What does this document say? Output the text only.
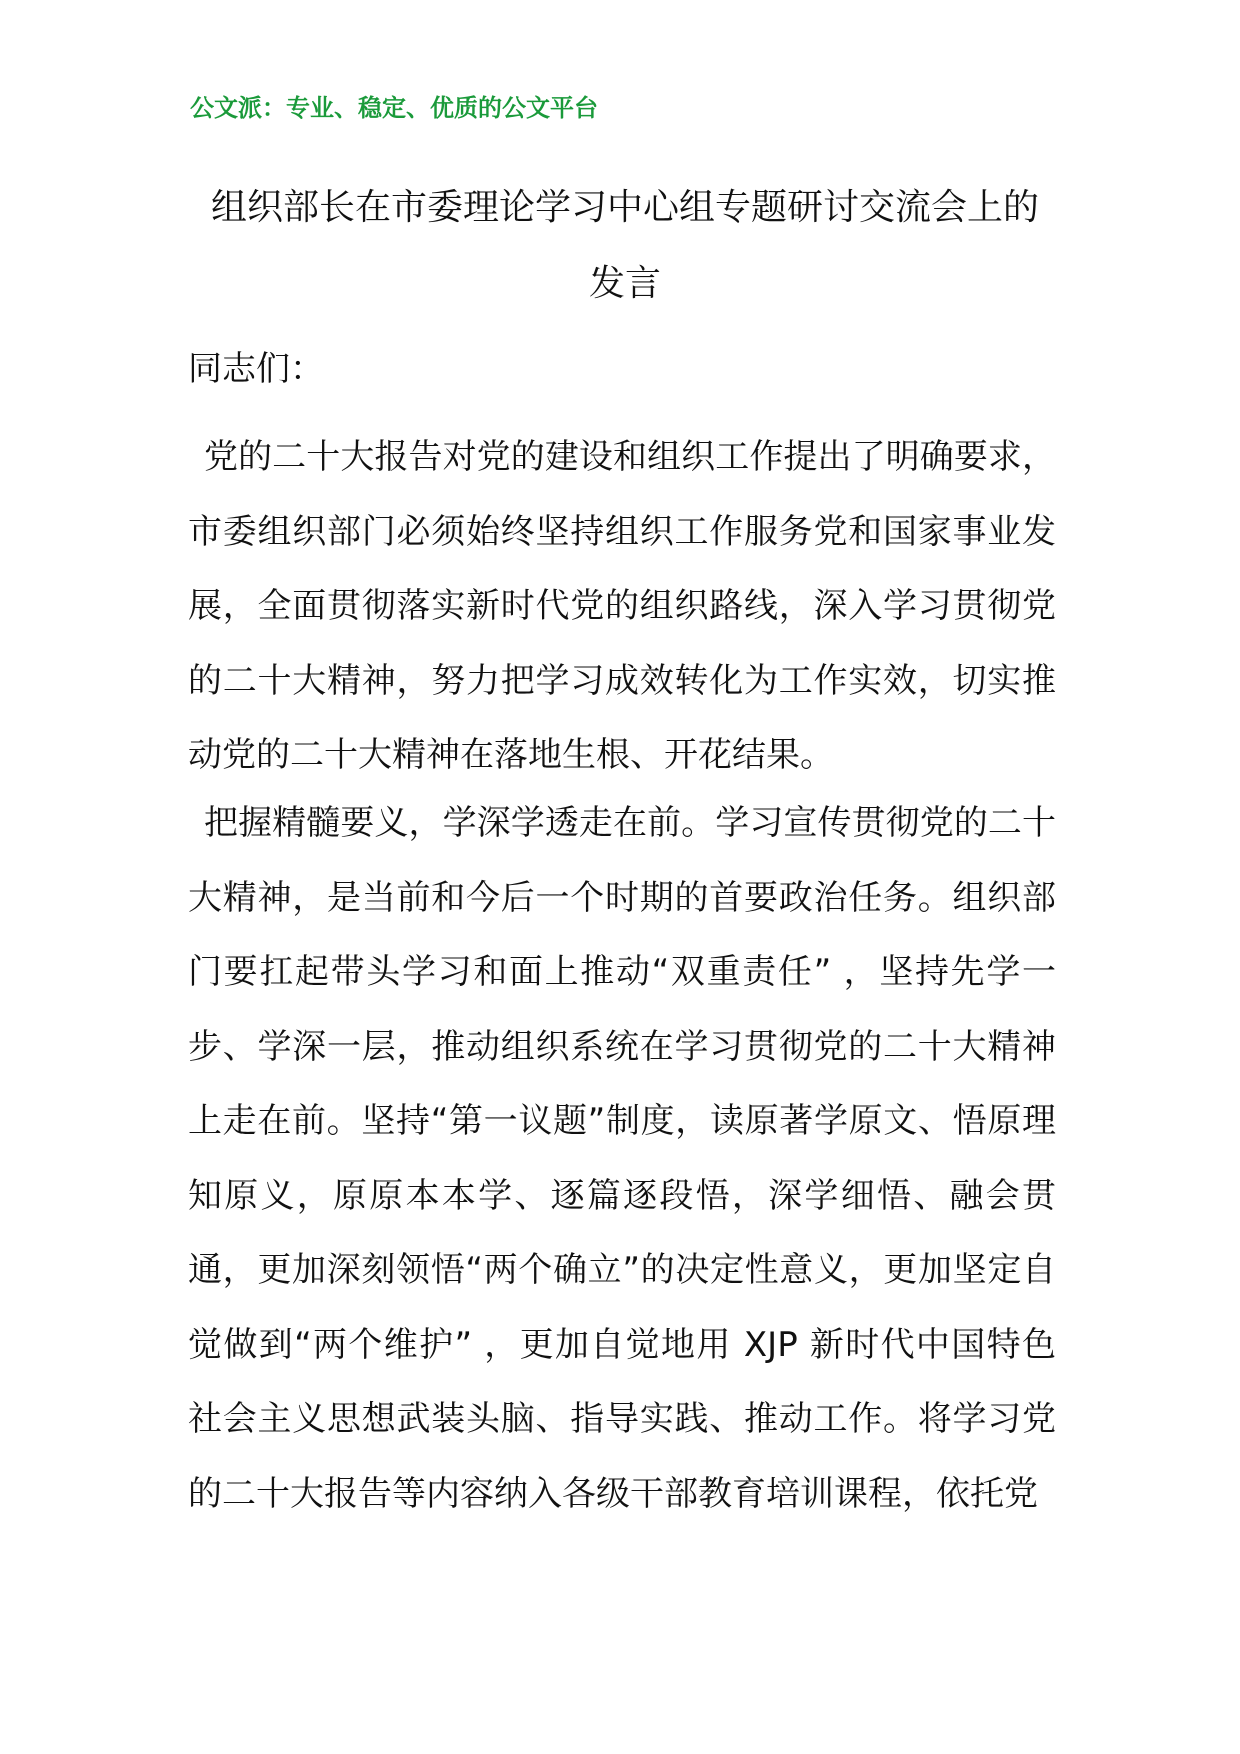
公文派：专业、稳定、优质的公文平台
组织部长在市委理论学习中心组专题研讨交流会上的
发言

同志们：

党的二十大报告对党的建设和组织工作提出了明确要求，市委组织部门必须始终坚持组织工作服务党和国家事业发展，全面贯彻落实新时代党的组织路线，深入学习贯彻党的二十大精神，努力把学习成效转化为工作实效，切实推动党的二十大精神在落地生根、开花结果。

把握精髓要义，学深学透走在前。学习宣传贯彻党的二十大精神，是当前和今后一个时期的首要政治任务。组织部门要扛起带头学习和面上推动“双重责任” ，坚持先学一步、学深一层，推动组织系统在学习贯彻党的二十大精神上走在前。坚持“第一议题”制度，读原著学原文、悟原理知原义，原原本本学、逐篇逐段悟，深学细悟、融会贯通，更加深刻领悟“两个确立”的决定性意义，更加坚定自觉做到“两个维护” ，更加自觉地用 XJP 新时代中国特色社会主义思想武装头脑、指导实践、推动工作。将学习党的二十大报告等内容纳入各级干部教育培训课程，依托党
